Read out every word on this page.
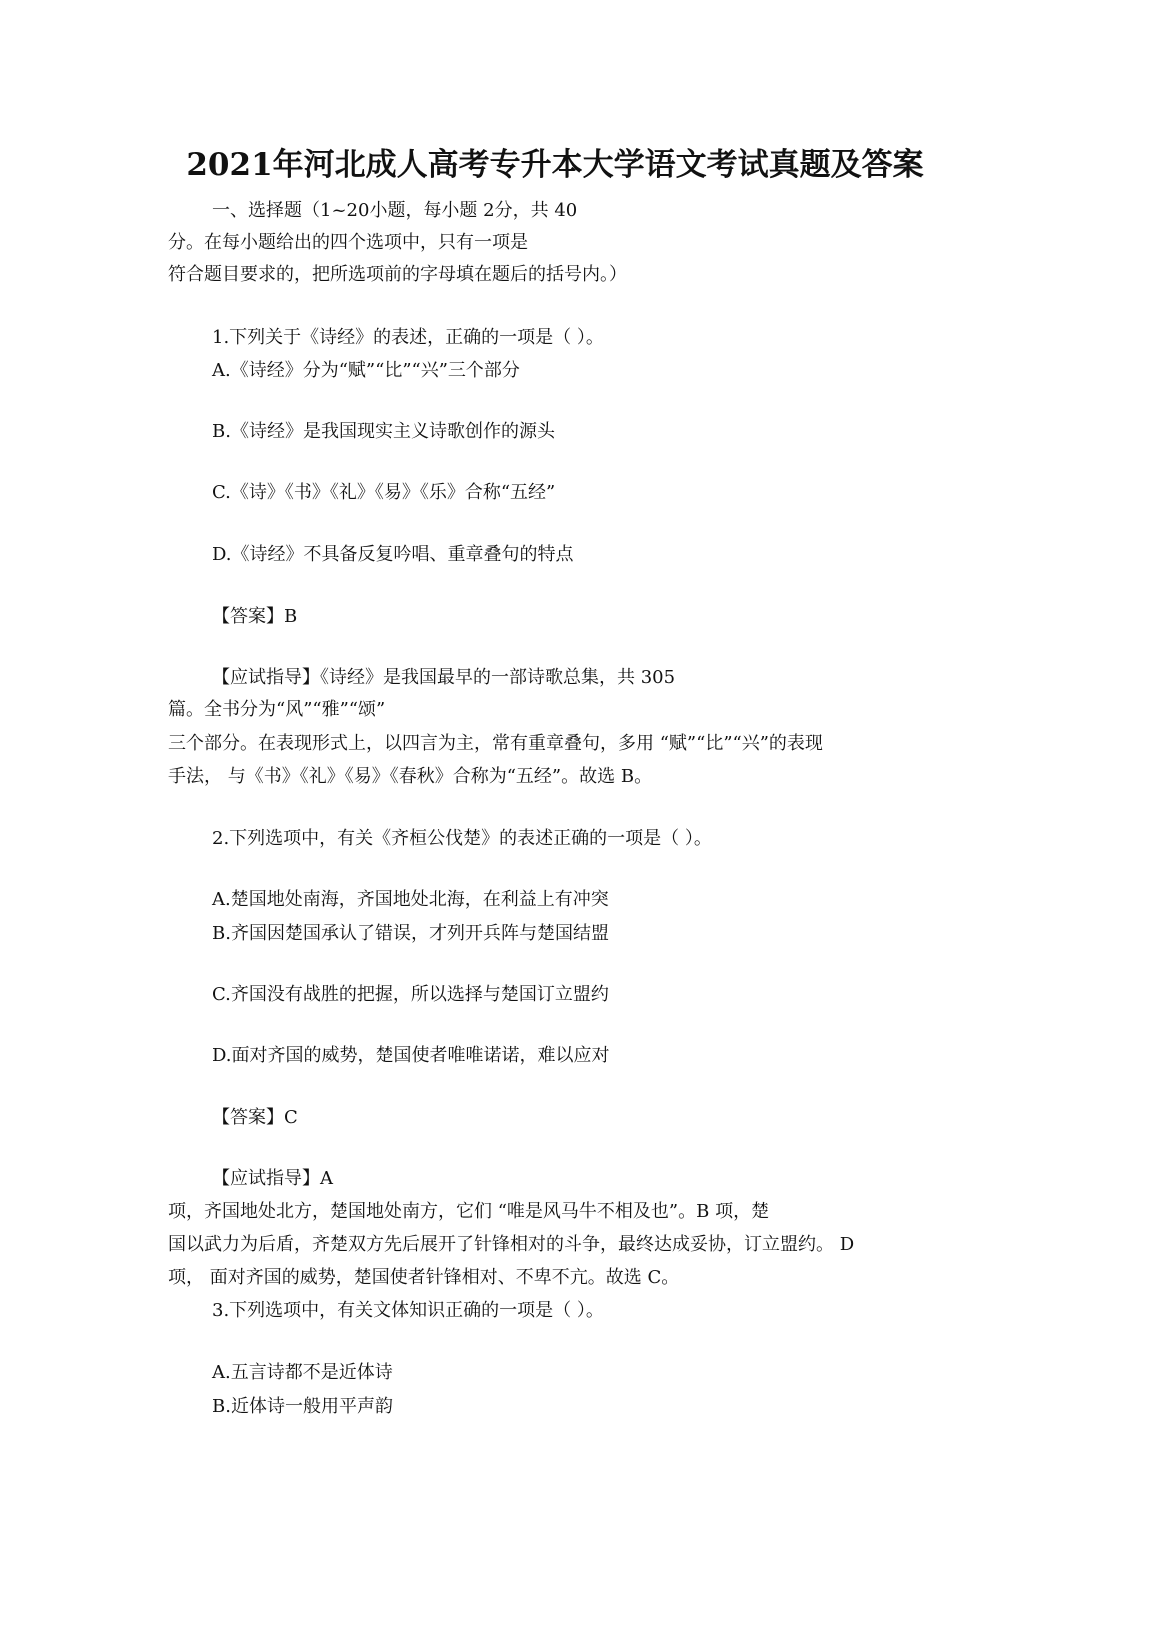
2021年河北成人高考专升本大学语文考试真题及答案
一、选择题（1~20小题，每小题 2分，共 40
分。在每小题给出的四个选项中，只有一项是
符合题目要求的，把所选项前的字母填在题后的括号内。）
1.下列关于《诗经》的表述，正确的一项是（ ）。
A.《诗经》分为“赋”“比”“兴”三个部分
B.《诗经》是我国现实主义诗歌创作的源头
C.《诗》《书》《礼》《易》《乐》合称“五经”
D.《诗经》不具备反复吟唱、重章叠句的特点
【答案】B
【应试指导】《诗经》是我国最早的一部诗歌总集，共 305
篇。全书分为“风”“雅”“颂”
三个部分。在表现形式上，以四言为主，常有重章叠句，多用 “赋”“比”“兴”的表现
手法， 与《书》《礼》《易》《春秋》合称为“五经”。故选 B。
2.下列选项中，有关《齐桓公伐楚》的表述正确的一项是（ ）。
A.楚国地处南海，齐国地处北海，在利益上有冲突
B.齐国因楚国承认了错误，才列开兵阵与楚国结盟
C.齐国没有战胜的把握，所以选择与楚国订立盟约
D.面对齐国的威势，楚国使者唯唯诺诺，难以应对
【答案】C
【应试指导】A
项，齐国地处北方，楚国地处南方，它们 “唯是风马牛不相及也”。B 项，楚
国以武力为后盾，齐楚双方先后展开了针锋相对的斗争，最终达成妥协，订立盟约。 D
项， 面对齐国的威势，楚国使者针锋相对、不卑不亢。故选 C。
3.下列选项中，有关文体知识正确的一项是（ ）。
A.五言诗都不是近体诗
B.近体诗一般用平声韵
